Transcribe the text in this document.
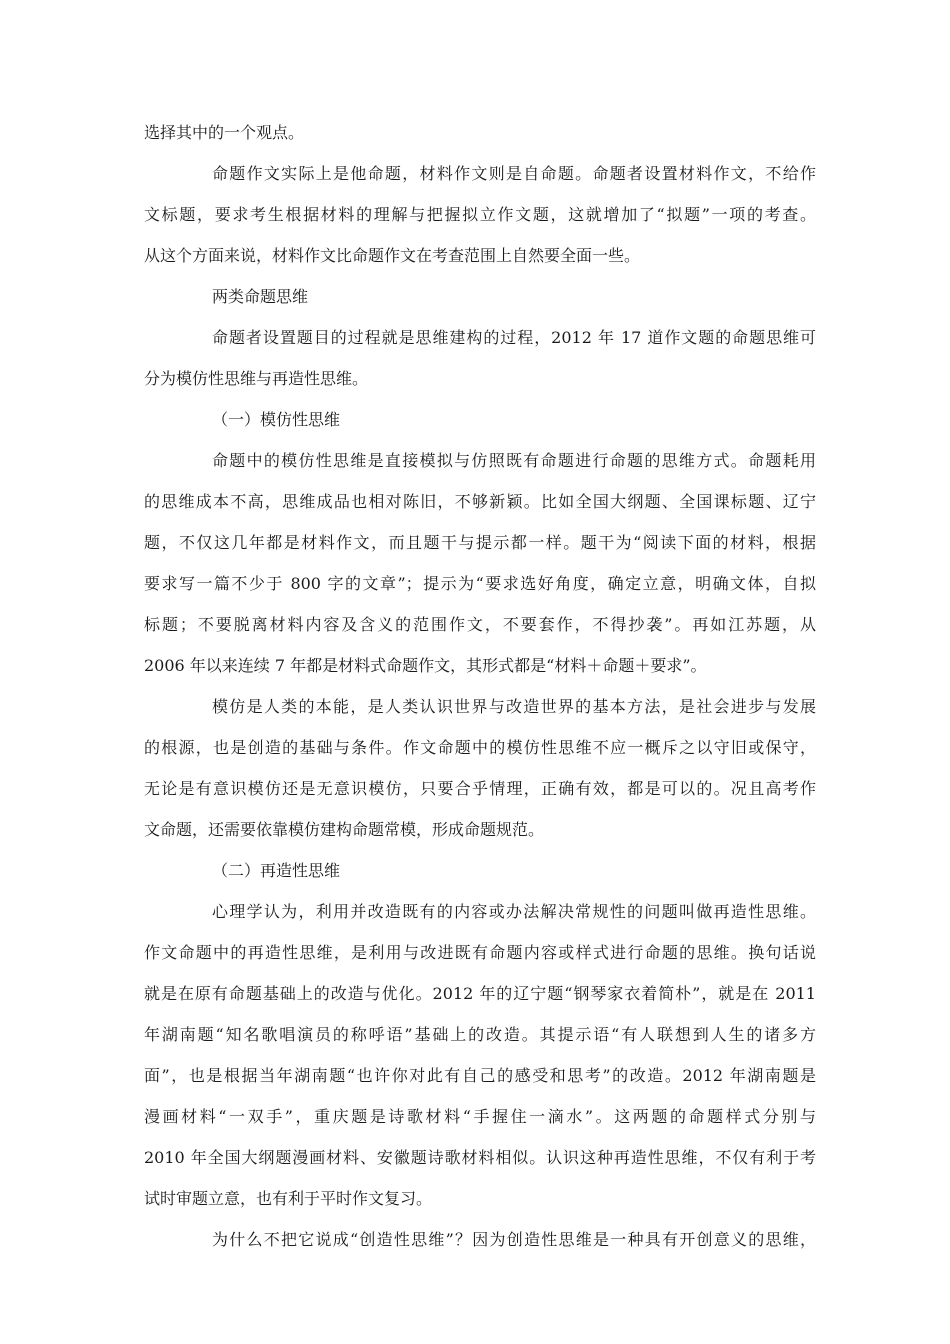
选择其中的一个观点。
命题作文实际上是他命题，材料作文则是自命题。命题者设置材料作文，不给作
文标题，要求考生根据材料的理解与把握拟立作文题，这就增加了“拟题”一项的考查。
从这个方面来说，材料作文比命题作文在考查范围上自然要全面一些。
两类命题思维
命题者设置题目的过程就是思维建构的过程，2012 年 17 道作文题的命题思维可
分为模仿性思维与再造性思维。
（一）模仿性思维
命题中的模仿性思维是直接模拟与仿照既有命题进行命题的思维方式。命题耗用
的思维成本不高，思维成品也相对陈旧，不够新颖。比如全国大纲题、全国课标题、辽宁
题，不仅这几年都是材料作文，而且题干与提示都一样。题干为“阅读下面的材料，根据
要求写一篇不少于 800 字的文章”；提示为“要求选好角度，确定立意，明确文体，自拟
标题；不要脱离材料内容及含义的范围作文，不要套作，不得抄袭”。再如江苏题，从
2006 年以来连续 7 年都是材料式命题作文，其形式都是“材料＋命题＋要求”。
模仿是人类的本能，是人类认识世界与改造世界的基本方法，是社会进步与发展
的根源，也是创造的基础与条件。作文命题中的模仿性思维不应一概斥之以守旧或保守，
无论是有意识模仿还是无意识模仿，只要合乎情理，正确有效，都是可以的。况且高考作
文命题，还需要依靠模仿建构命题常模，形成命题规范。
（二）再造性思维
心理学认为，利用并改造既有的内容或办法解决常规性的问题叫做再造性思维。
作文命题中的再造性思维，是利用与改进既有命题内容或样式进行命题的思维。换句话说
就是在原有命题基础上的改造与优化。2012 年的辽宁题“钢琴家衣着简朴”，就是在 2011
年湖南题“知名歌唱演员的称呼语”基础上的改造。其提示语“有人联想到人生的诸多方
面”，也是根据当年湖南题“也许你对此有自己的感受和思考”的改造。2012 年湖南题是
漫画材料“一双手”，重庆题是诗歌材料“手握住一滴水”。这两题的命题样式分别与
2010 年全国大纲题漫画材料、安徽题诗歌材料相似。认识这种再造性思维，不仅有利于考
试时审题立意，也有利于平时作文复习。
为什么不把它说成“创造性思维”？因为创造性思维是一种具有开创意义的思维，
